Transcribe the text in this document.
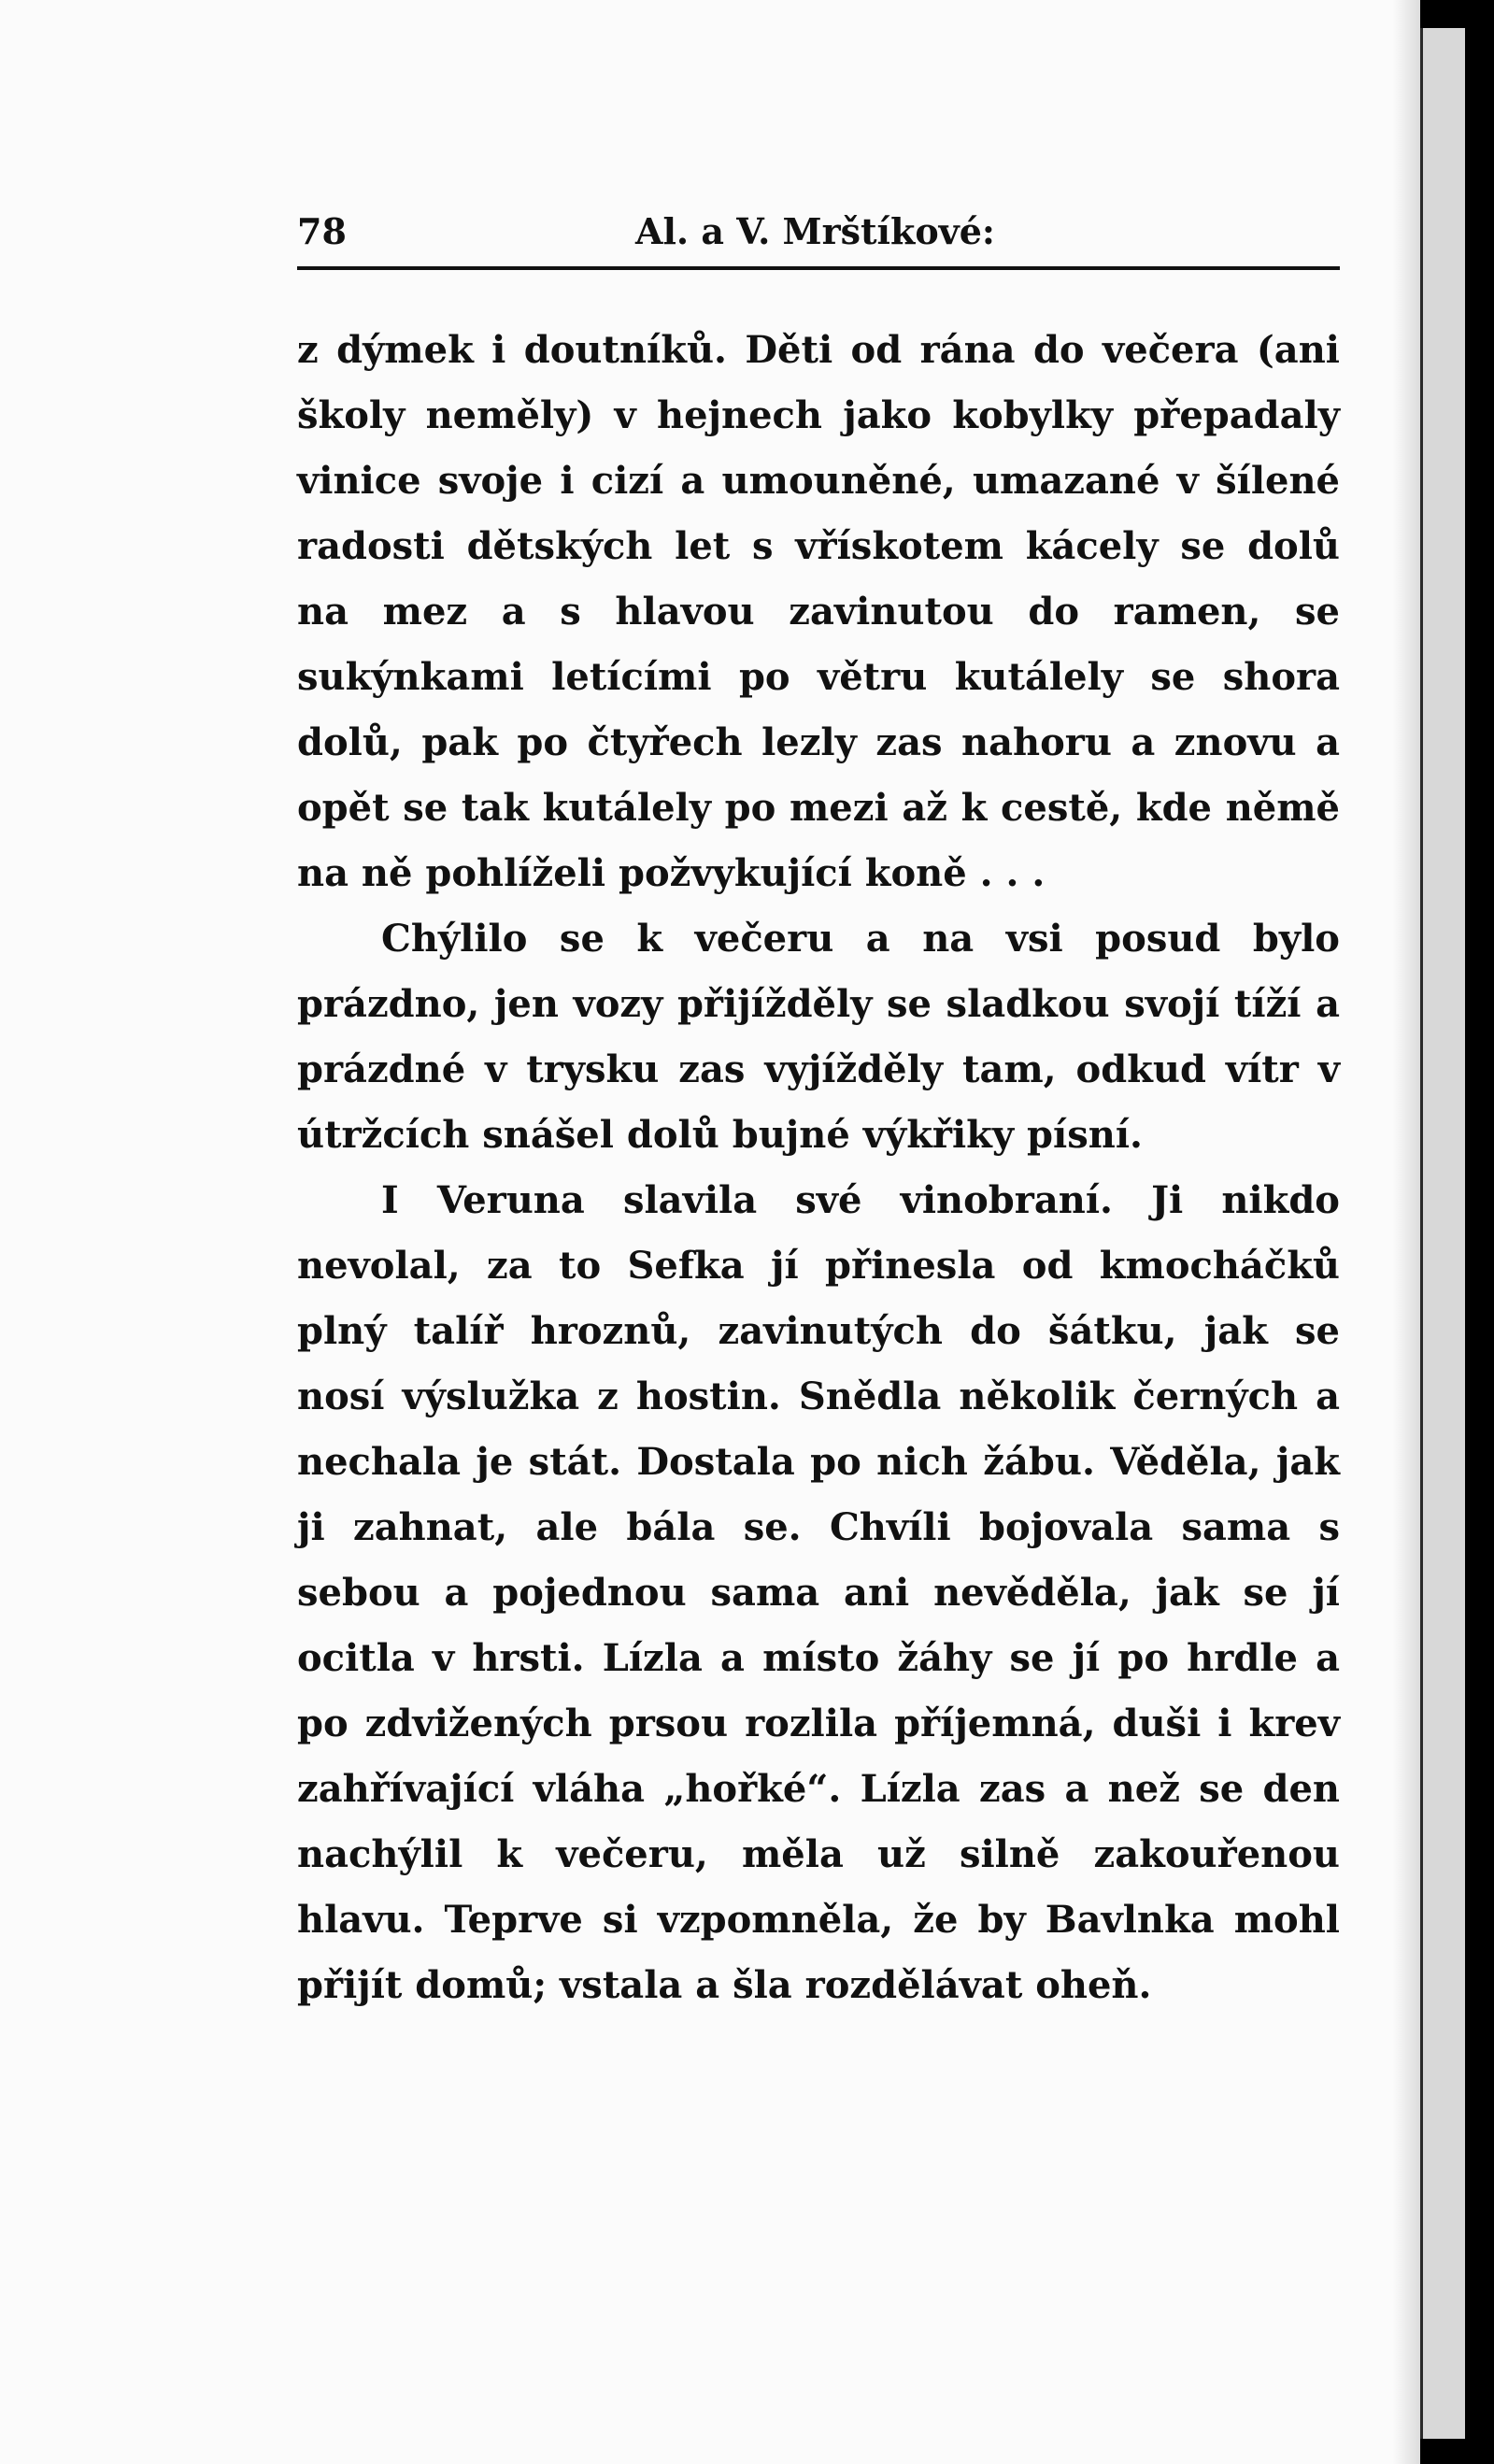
78	Al. a V. Mrštíkové:

z dýmek i doutníků. Děti od rána do večera (ani školy neměly) v hejnech jako kobylky přepadaly vinice svoje i cizí a umouněné, umazané v šílené radosti dětských let s vřískotem kácely se dolů na mez a s hlavou zavinutou do ramen, se sukýnkami letícími po větru kutálely se shora dolů, pak po čtyřech lezly zas nahoru a znovu a opět se tak kutálely po mezi až k cestě, kde němě na ně pohlíželi požvykující koně . . .

Chýlilo se k večeru a na vsi posud bylo prázdno, jen vozy přijížděly se sladkou svojí tíží a prázdné v trysku zas vyjížděly tam, odkud vítr v útržcích snášel dolů bujné výkřiky písní.

I Veruna slavila své vinobraní. Ji nikdo nevolal, za to Sefka jí přinesla od kmocháčků plný talíř hroznů, zavinutých do šátku, jak se nosí výslužka z hostin. Snědla několik černých a nechala je stát. Dostala po nich žábu. Věděla, jak ji zahnat, ale bála se. Chvíli bojovala sama s sebou a pojednou sama ani nevěděla, jak se jí ocitla v hrsti. Lízla a místo žáhy se jí po hrdle a po zdvižených prsou rozlila příjemná, duši i krev zahřívající vláha „hořké“. Lízla zas a než se den nachýlil k večeru, měla už silně zakouřenou hlavu. Teprve si vzpomněla, že by Bavlnka mohl přijít domů; vstala a šla rozdělávat oheň.
